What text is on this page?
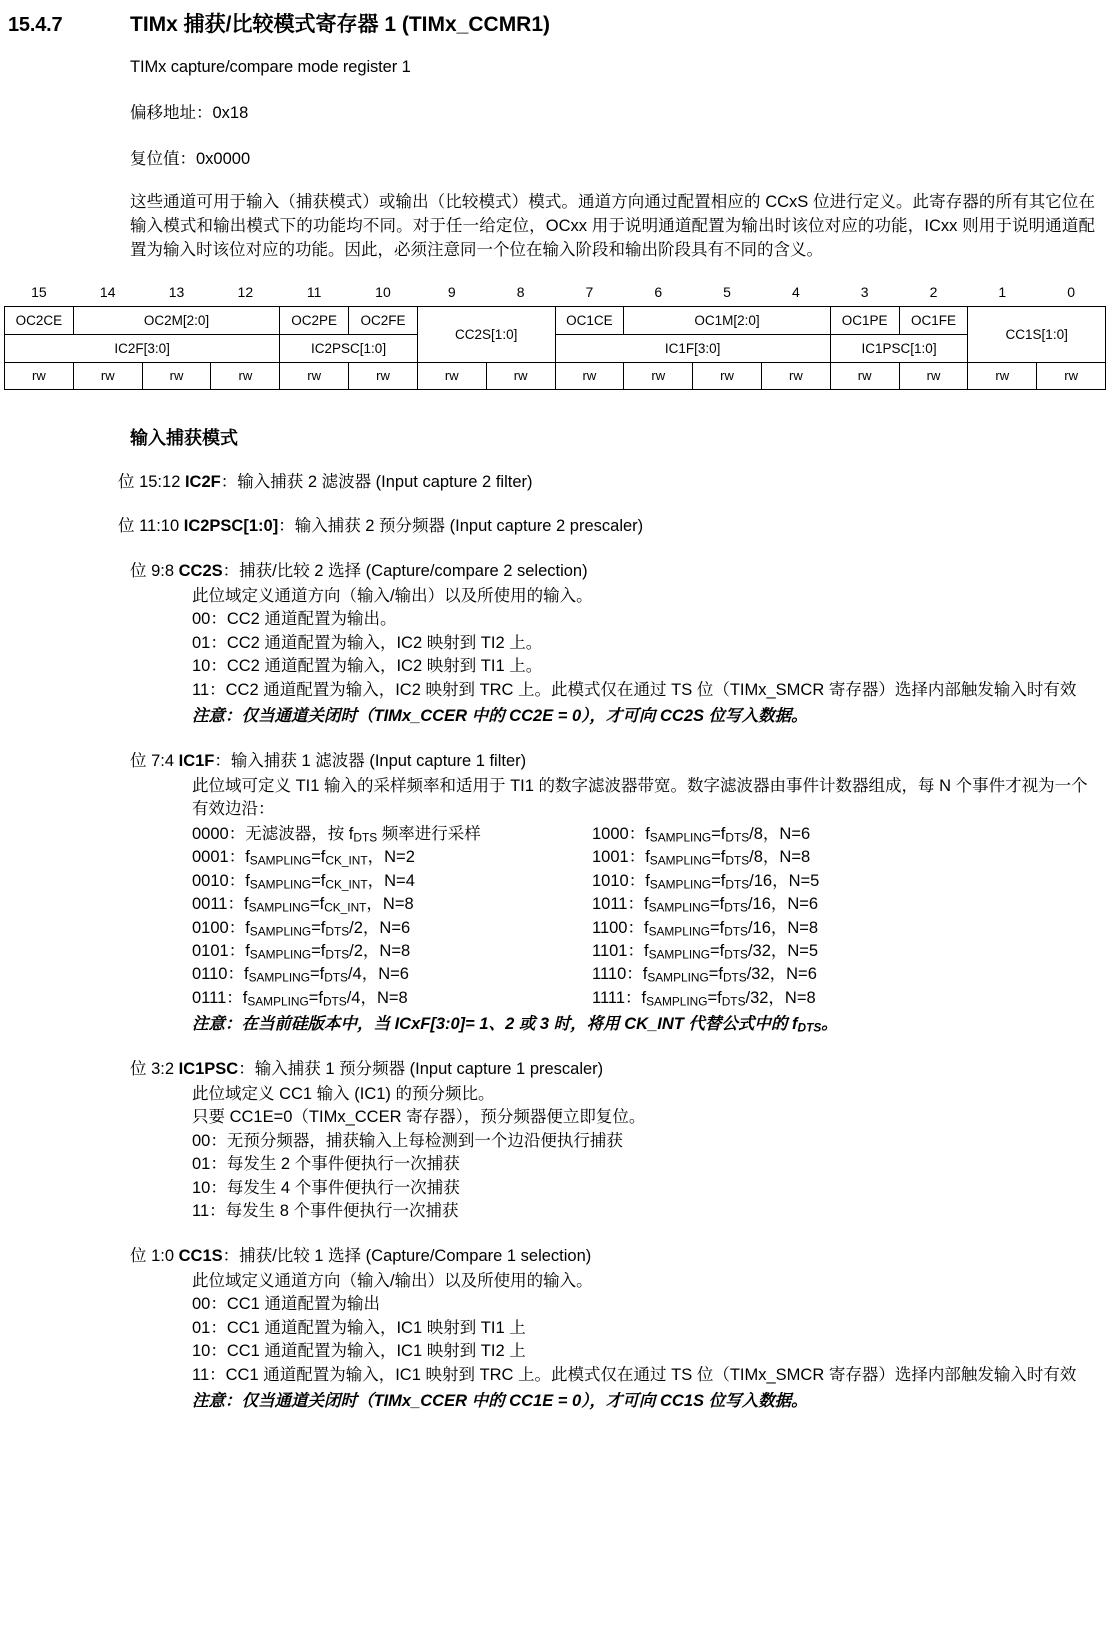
15.4.7	TIMx 捕获/比较模式寄存器 1 (TIMx_CCMR1)
TIMx capture/compare mode register 1
偏移地址：0x18
复位值：0x0000
这些通道可用于输入（捕获模式）或输出（比较模式）模式。通道方向通过配置相应的 CCxS 位进行定义。此寄存器的所有其它位在输入模式和输出模式下的功能均不同。对于任一给定位，OCxx 用于说明通道配置为输出时该位对应的功能，ICxx 则用于说明通道配置为输入时该位对应的功能。因此，必须注意同一个位在输入阶段和输出阶段具有不同的含义。
15	14	13	12	11	10	9	8	7	6	5	4	3	2	1	0
OC2CE	OC2M[2:0]			OC2PE	OC2FE	CC2S[1:0]		OC1CE	OC1M[2:0]			OC1PE	OC1FE	CC1S[1:0]	
IC2F[3:0]				IC2PSC[1:0]				IC1F[3:0]				IC1PSC[1:0]			
rw	rw	rw	rw	rw	rw	rw	rw	rw	rw	rw	rw	rw	rw	rw	rw
输入捕获模式
位 15:12 IC2F：输入捕获 2 滤波器 (Input capture 2 filter)
位 11:10 IC2PSC[1:0]：输入捕获 2 预分频器 (Input capture 2 prescaler)
位 9:8 CC2S：捕获/比较 2 选择 (Capture/compare 2 selection)
此位域定义通道方向（输入/输出）以及所使用的输入。
00：CC2 通道配置为输出。
01：CC2 通道配置为输入，IC2 映射到 TI2 上。
10：CC2 通道配置为输入，IC2 映射到 TI1 上。
11：CC2 通道配置为输入，IC2 映射到 TRC 上。此模式仅在通过 TS 位（TIMx_SMCR 寄存器）选择内部触发输入时有效
注意：仅当通道关闭时（TIMx_CCER 中的 CC2E = 0），才可向 CC2S 位写入数据。
位 7:4 IC1F：输入捕获 1 滤波器 (Input capture 1 filter)
此位域可定义 TI1 输入的采样频率和适用于 TI1 的数字滤波器带宽。数字滤波器由事件计数器组成，每 N 个事件才视为一个有效边沿：
0000：无滤波器，按 $f_{DTS}$ 频率进行采样	1000：$f_{SAMPLING}=f_{DTS}/8$，N=6
0001：$f_{SAMPLING}=f_{CK\_INT}$，N=2	1001：$f_{SAMPLING}=f_{DTS}/8$，N=8
0010：$f_{SAMPLING}=f_{CK\_INT}$，N=4	1010：$f_{SAMPLING}=f_{DTS}/16$，N=5
0011：$f_{SAMPLING}=f_{CK\_INT}$，N=8	1011：$f_{SAMPLING}=f_{DTS}/16$，N=6
0100：$f_{SAMPLING}=f_{DTS}/2$，N=6	1100：$f_{SAMPLING}=f_{DTS}/16$，N=8
0101：$f_{SAMPLING}=f_{DTS}/2$，N=8	1101：$f_{SAMPLING}=f_{DTS}/32$，N=5
0110：$f_{SAMPLING}=f_{DTS}/4$，N=6	1110：$f_{SAMPLING}=f_{DTS}/32$，N=6
0111：$f_{SAMPLING}=f_{DTS}/4$，N=8	1111：$f_{SAMPLING}=f_{DTS}/32$，N=8
注意：在当前硅版本中，当 ICxF[3:0]= 1、2 或 3 时，将用 CK_INT 代替公式中的 $f_{DTS}$。
位 3:2 IC1PSC：输入捕获 1 预分频器 (Input capture 1 prescaler)
此位域定义 CC1 输入 (IC1) 的预分频比。
只要 CC1E=0（TIMx_CCER 寄存器），预分频器便立即复位。
00：无预分频器，捕获输入上每检测到一个边沿便执行捕获
01：每发生 2 个事件便执行一次捕获
10：每发生 4 个事件便执行一次捕获
11：每发生 8 个事件便执行一次捕获
位 1:0 CC1S：捕获/比较 1 选择 (Capture/Compare 1 selection)
此位域定义通道方向（输入/输出）以及所使用的输入。
00：CC1 通道配置为输出
01：CC1 通道配置为输入，IC1 映射到 TI1 上
10：CC1 通道配置为输入，IC1 映射到 TI2 上
11：CC1 通道配置为输入，IC1 映射到 TRC 上。此模式仅在通过 TS 位（TIMx_SMCR 寄存器）选择内部触发输入时有效
注意：仅当通道关闭时（TIMx_CCER 中的 CC1E = 0），才可向 CC1S 位写入数据。
